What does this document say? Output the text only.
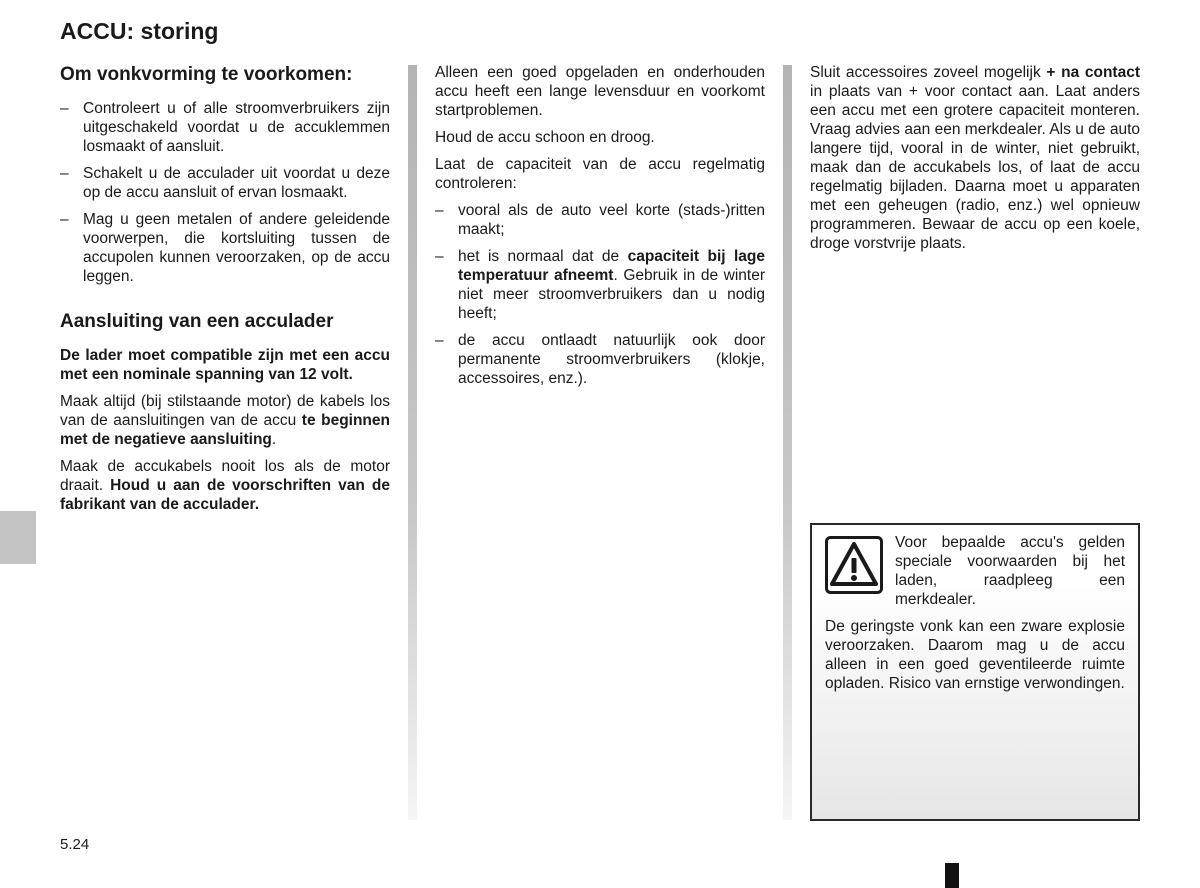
ACCU: storing
Om vonkvorming te voorkomen:
– Controleert u of alle stroomverbruikers zijn uitgeschakeld voordat u de accuklemmen losmaakt of aansluit.
– Schakelt u de acculader uit voordat u deze op de accu aansluit of ervan losmaakt.
– Mag u geen metalen of andere geleidende voorwerpen, die kortsluiting tussen de accupolen kunnen veroorzaken, op de accu leggen.
Aansluiting van een acculader

De lader moet compatible zijn met een accu met een nominale spanning van 12 volt.

Maak altijd (bij stilstaande motor) de kabels los van de aansluitingen van de accu te beginnen met de negatieve aansluiting.

Maak de accukabels nooit los als de motor draait. Houd u aan de voorschriften van de fabrikant van de acculader.

Alleen een goed opgeladen en onderhouden accu heeft een lange levensduur en voorkomt startproblemen.

Houd de accu schoon en droog.

Laat de capaciteit van de accu regelmatig controleren:

– vooral als de auto veel korte (stads-)ritten maakt;
– het is normaal dat de capaciteit bij lage temperatuur afneemt. Gebruik in de winter niet meer stroomverbruikers dan u nodig heeft;
– de accu ontlaadt natuurlijk ook door permanente stroomverbruikers (klokje, accessoires, enz.).

Sluit accessoires zoveel mogelijk + na contact in plaats van + voor contact aan. Laat anders een accu met een grotere capaciteit monteren. Vraag advies aan een merkdealer. Als u de auto langere tijd, vooral in de winter, niet gebruikt, maak dan de accukabels los, of laat de accu regelmatig bijladen. Daarna moet u apparaten met een geheugen (radio, enz.) wel opnieuw programmeren. Bewaar de accu op een koele, droge vorstvrije plaats.

Voor bepaalde accu's gelden speciale voorwaarden bij het laden, raadpleeg een merkdealer.

De geringste vonk kan een zware explosie veroorzaken. Daarom mag u de accu alleen in een goed geventileerde ruimte opladen. Risico van ernstige verwondingen.

5.24
